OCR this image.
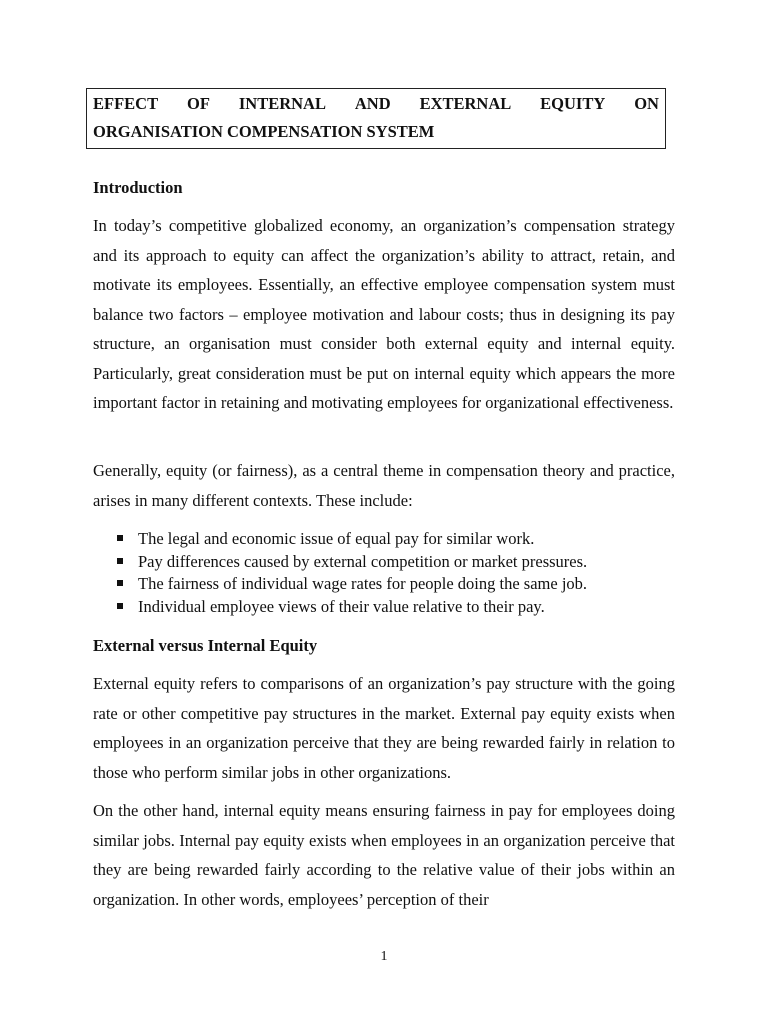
EFFECT OF INTERNAL AND EXTERNAL EQUITY ON
ORGANISATION COMPENSATION SYSTEM
Introduction

In today’s competitive globalized economy, an organization’s compensation strategy and its approach to equity can affect the organization’s ability to attract, retain, and motivate its employees. Essentially, an effective employee compensation system must balance two factors – employee motivation and labour costs; thus in designing its pay structure, an organisation must consider both external equity and internal equity. Particularly, great consideration must be put on internal equity which appears the more important factor in retaining and motivating employees for organizational effectiveness.

Generally, equity (or fairness), as a central theme in compensation theory and practice, arises in many different contexts. These include:

The legal and economic issue of equal pay for similar work.
Pay differences caused by external competition or market pressures.
The fairness of individual wage rates for people doing the same job.
Individual employee views of their value relative to their pay.
External versus Internal Equity

External equity refers to comparisons of an organization’s pay structure with the going rate or other competitive pay structures in the market. External pay equity exists when employees in an organization perceive that they are being rewarded fairly in relation to those who perform similar jobs in other organizations.

On the other hand, internal equity means ensuring fairness in pay for employees doing similar jobs. Internal pay equity exists when employees in an organization perceive that they are being rewarded fairly according to the relative value of their jobs within an organization. In other words, employees’ perception of their

1
